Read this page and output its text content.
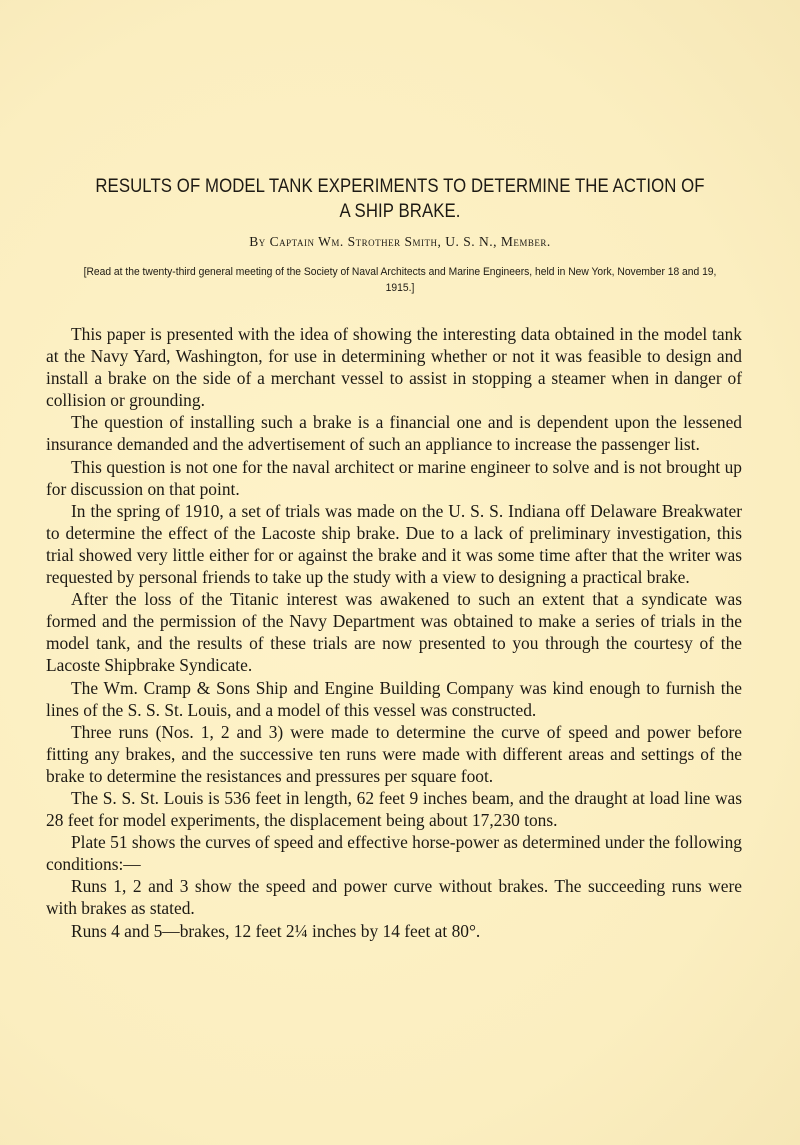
RESULTS OF MODEL TANK EXPERIMENTS TO DETERMINE THE ACTION OF A SHIP BRAKE.

By Captain Wm. Strother Smith, U. S. N., Member.

[Read at the twenty-third general meeting of the Society of Naval Architects and Marine Engineers, held in New York, November 18 and 19, 1915.]

This paper is presented with the idea of showing the interesting data obtained in the model tank at the Navy Yard, Washington, for use in determining whether or not it was feasible to design and install a brake on the side of a merchant vessel to assist in stopping a steamer when in danger of collision or grounding.

The question of installing such a brake is a financial one and is dependent upon the lessened insurance demanded and the advertisement of such an appliance to increase the passenger list.

This question is not one for the naval architect or marine engineer to solve and is not brought up for discussion on that point.

In the spring of 1910, a set of trials was made on the U. S. S. Indiana off Delaware Breakwater to determine the effect of the Lacoste ship brake. Due to a lack of preliminary investigation, this trial showed very little either for or against the brake and it was some time after that the writer was requested by personal friends to take up the study with a view to designing a practical brake.

After the loss of the Titanic interest was awakened to such an extent that a syndicate was formed and the permission of the Navy Department was obtained to make a series of trials in the model tank, and the results of these trials are now presented to you through the courtesy of the Lacoste Shipbrake Syndicate.

The Wm. Cramp & Sons Ship and Engine Building Company was kind enough to furnish the lines of the S. S. St. Louis, and a model of this vessel was constructed.

Three runs (Nos. 1, 2 and 3) were made to determine the curve of speed and power before fitting any brakes, and the successive ten runs were made with different areas and settings of the brake to determine the resistances and pressures per square foot.

The S. S. St. Louis is 536 feet in length, 62 feet 9 inches beam, and the draught at load line was 28 feet for model experiments, the displacement being about 17,230 tons.

Plate 51 shows the curves of speed and effective horse-power as determined under the following conditions:—

Runs 1, 2 and 3 show the speed and power curve without brakes. The succeeding runs were with brakes as stated.

Runs 4 and 5—brakes, 12 feet 2¼ inches by 14 feet at 80°.
